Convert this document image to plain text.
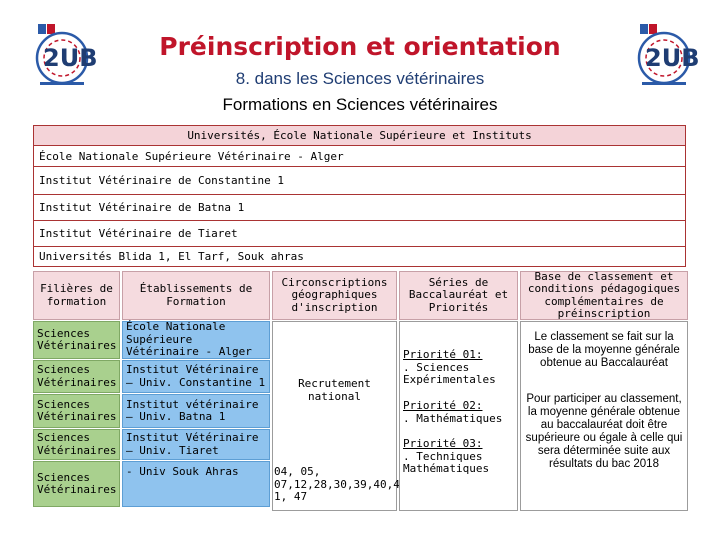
2UB	2UB
Préinscription et orientation
8. dans les Sciences vétérinaires
Formations en Sciences vétérinaires
Universités, École Nationale Supérieure et Instituts
École Nationale Supérieure Vétérinaire - Alger
Institut Vétérinaire de Constantine 1
Institut Vétérinaire de Batna 1
Institut Vétérinaire de Tiaret
Universités Blida 1, El Tarf, Souk ahras
Filières de formation
Établissements de Formation
Circonscriptions géographiques d'inscription
Séries de Baccalauréat et Priorités
Base de classement et conditions pédagogiques complémentaires de préinscription
Sciences Vétérinaires
École Nationale Supérieure Vétérinaire - Alger
Sciences Vétérinaires
Institut Vétérinaire – Univ. Constantine 1
Sciences Vétérinaires
Institut vétérinaire – Univ. Batna 1
Sciences Vétérinaires
Institut Vétérinaire – Univ. Tiaret
Sciences Vétérinaires
- Univ Souk Ahras
Recrutement national
04, 05, 07,12,28,30,39,40,4 1, 47
Priorité 01:
. Sciences Expérimentales
Priorité 02:
. Mathématiques
Priorité 03:
. Techniques Mathématiques
Le classement se fait sur la base de la moyenne générale obtenue au Baccalauréat
Pour participer au classement, la moyenne générale obtenue au baccalauréat doit être supérieure ou égale à celle qui sera déterminée suite aux résultats du bac 2018
